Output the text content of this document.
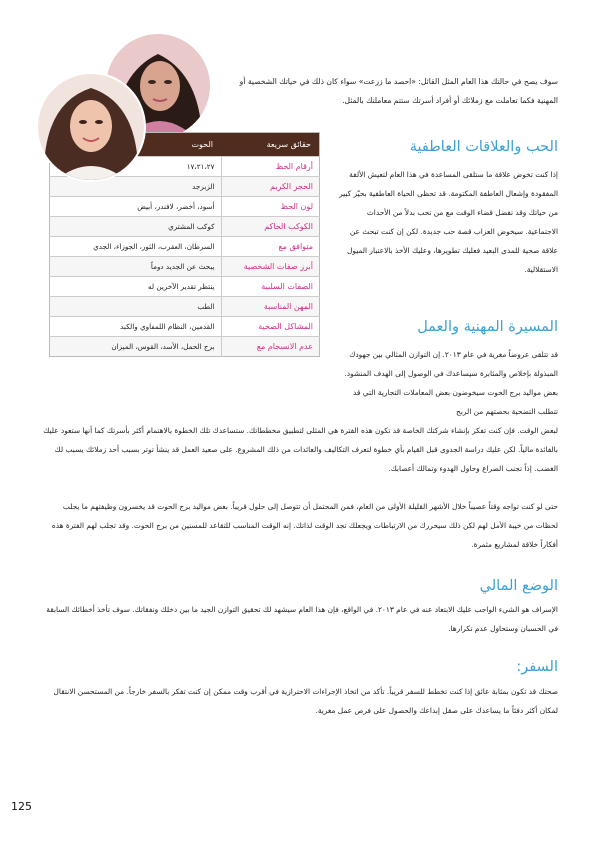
سوف يصح في حالتك هذا العام المثل القائل: «احصد ما زرعت» سواء كان ذلك في حياتك الشخصية أو المهنية فكما تعاملت مع زملائك أو أفراد أسرتك ستتم معاملتك بالمثل.

حقائق سريعة	الحوت
أرقام الحظ	١٧،٢١،٢٧
الحجر الكريم	الزبرجد
لون الحظ	أسود، أخضر، لافندر، أبيض
الكوكب الحاكم	كوكب المشتري
متوافق مع	السرطان، العقرب، الثور، الجوزاء، الجدي
أبرز صفات الشخصية	يبحث عن الجديد دوماً
الصفات السلبية	ينتظر تقدير الآخرين له
المهن المناسبة	الطب
المشاكل الصحية	القدمين، النظام اللمفاوي والكبد
عدم الانسجام مع	برج الحمل، الأسد، القوس، الميزان
الحب والعلاقات العاطفية

إذا كنت تخوض علاقة ما ستلقى المساعدة في هذا العام لتعيش الألفة المفقودة وإشعال العاطفة المكتومة. قد تحظى الحياة العاطفية بحيّز كبير من حياتك وقد تفضل قضاء الوقت مع من تحب بدلاً من الأحداث الاجتماعية. سيخوض العزاب قصة حب جديدة. لكن إن كنت تبحث عن علاقة صحية للمدى البعيد فعليك تطويرها، وعليك الأخذ بالاعتبار الميول الاستقلالية.

المسيرة المهنية والعمل

قد تتلقى عروضاً مغرية في عام ٢٠١٣. إن التوازن المثالي بين جهودك المبذولة بإخلاص والمثابرة سيساعدك في الوصول إلى الهدف المنشود. بعض مواليد برج الحوت سيخوضون بعض المعاملات التجارية التي قد تتطلب التضحية بحصتهم من الربح

لبعض الوقت. فإن كنت تفكر بإنشاء شركتك الخاصة قد تكون هذه الفترة هي المثلى لتطبيق مخططاتك. ستساعدك تلك الخطوة بالاهتمام أكثر بأسرتك كما أنها ستعود عليك بالفائدة مالياً. لكن عليك دراسة الجدوى قبل القيام بأي خطوة لتعرف التكاليف والعائدات من ذلك المشروع. على صعيد العمل قد ينشأ توتر بسبب أحد زملائك يسبب لك الغضب. إذاً تجنب الصراع وحاول الهدوء وتمالك أعصابك.

حتى لو كنت تواجه وقتاً عصيباً خلال الأشهر القليلة الأولى من العام، فمن المحتمل أن تتوصل إلى حلول قريباً. بعض مواليد برج الحوت قد يخسرون وظيفتهم ما يجلب لحظات من خيبة الأمل لهم لكن ذلك سيحررك من الارتباطات ويجعلك تجد الوقت لذاتك. إنه الوقت المناسب للتقاعد للمسنين من برج الحوت. وقد تجلب لهم الفترة هذه أفكاراً خلاقة لمشاريع مثمرة.

الوضع المالي

الإسراف هو الشيء الواجب عليك الابتعاد عنه في عام ٢٠١٣. في الواقع، فإن هذا العام سيشهد لك تحقيق التوازن الجيد ما بين دخلك ونفقاتك. سوف تأخذ أخطائك السابقة في الحسبان وستحاول عدم تكرارها.

السفر:

صحتك قد تكون بمثابة عائق إذا كنت تخطط للسفر قريباً. تأكد من اتخاذ الإجراءات الاحترازية في أقرب وقت ممكن إن كنت تفكر بالسفر خارجاً. من المستحسن الانتقال لمكان أكثر دفئاً ما يساعدك على صقل إبداعك والحصول على فرص عمل مغرية.

125
